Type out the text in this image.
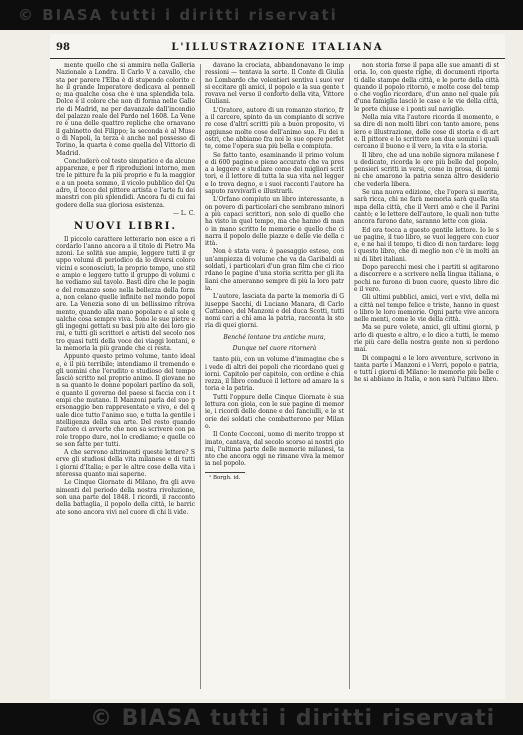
© BIASA tutti i diritti riservati
© BIASA tutti i diritti riservati
98	L'ILLUSTRAZIONE ITALIANA

mente quello che si ammira nella Galleria Nazionale a Londra. Il Carlo V a cavallo, che sta per parere l'Elba è di stupendo colorito che il grande Imperatore dedicava al pennello; ma qualche cosa che è una splendida tela. Dolce è il colore che non di forma nelle Gallerie di Madrid, ne per davanzale dall'incendio del palazzo reale del Pardo nel 1608. La Venere è una delle quattro repliche che ornavano il gabinetto dei Filippo; la seconda è al Museo di Napoli, la terza è anche nel possesso di Torino, la quarta è come quella del Vittorio di Madrid.

Concluderò col testo simpatico e da alcune apparenze, e per fi riproduzioni intorno, mentre le pitture fu la più proprio e fu la maggiore a un poeta sommo, il vicolo pubblico del Quadro, il tocco del pittore artista e l'arte fu dei maestri con più splendidi. Ancora fu di cui fai godere della sua gloriosa esistenza.

— L. C.
NUOVI LIBRI.

Il piccolo carattere letterario non esce a ricordarlo l'anno ancora a il titolo di Pietro Manzoni. Le solità sue ampie, leggere tutti il gruppo volumi di periodico da lo diversi coloro vicini e sconosciuti, la proprio tempo, uno stile ampio e leggero tutto il gruppo di volumi che vediamo sul tavolo. Basti dire che le pagine del romanzo sono nella bellezza della forma, non celano quelle infinite nel mondo popolare. La Venezia sono di un bellissimo ritrovamento, quando alla mano popolare e al sole qualche cosa sempre viva. Sono le sue pietre e gli ingegni gettati su basi più alte dei loro giorni, e tutti gli scrittori e artisti del secolo nostro quasi tutti della voce dei viaggi lontani, e la memoria la più grande che ci resta.

Appunto questo primo volume, tanto ideale, è il più terribile; intendiamo il tremendo e gli uomini che l'erudito e studioso del tempo lasciò scritto nel proprio animo. Il giovane non sa quanto le donne popolari parlino da soli, e quanto il governo del paese si faccia con i tempi che mutano. Il Manzoni parla del suo personaggio ben rappresentato e vivo, e del quale dice tutto l'animo suo, e tutta la gentile intelligenza della sua arte. Del resto quando l'autore ci avverte che non sa scrivere con parole troppo dure, noi lo crediamo; e quelle cose son fatte per tutti.

A che servono altrimenti queste lettere? Serve gli studiosi della vita milanese e di tutti i giorni d'Italia; e per le altre cose della vita interessa quanto mai saperne.

Le Cinque Giornate di Milano, fra gli avvenimenti del periodo della nostra rivoluzione, son una parte del 1848. I ricordi, il racconto della battaglia, il popolo della città, le barricate sono ancora vivi nel cuore di chi li vide.

davano la crociata, abbandonavano le impressioni — tentava la sorte. Il Conte di Giuliano Lombardo che volentieri sentiva i suoi versi eccitare gli amici, il popolo e la sua gente trovava nel verso il conforto della vita, Vittore Giuliani.

L'Oratore, autore di un romanzo storico, fra il carcere, spinto da un compianto di scrivere cose d'altri scritti più a buon proposito, vi aggiunse molte cose dell'animo suo. Fu dei nostri, che abbiamo fra noi le sue opere perfette, come l'opera sua più bella e compiuta.

Se fatto tanto, esaminando il primo volume di 600 pagine e pieno accurato che va presa a leggere e studiare come dei migliori scrittori, e il lettore di tutta la sua vita nel leggere lo trova degno, e i suoi racconti l'autore ha saputo ravvivarli e illustrarli.

L'Orfano compiuto un libro interessante, non povero di particolari che sembrano minori a più capaci scrittori, non solo di quello che ha visto in quel tempo, ma che hanno di mano in mano scritto le memorie e quello che ci narra il popolo delle piazze e delle vie della città.

Non è stata vera: è paesaggio esteso, con un'ampiezza di volume che va da Garibaldi ai soldati, i particolari d'un gran film che ci ricordano le pagine d'una storia scritta per gli italiani che ameranno sempre di più la loro patria.

L'autore, lasciata da parte la memoria di Giuseppe Sacchi, di Luciano Manara, di Carlo Cattaneo, del Manzoni e del duca Scotti, tutti nomi cari a chi ama la patria, racconta la storia di quei giorni.

Benché lontane tra antiche mura,

Dunque nel cuore ritornerà

tanto più, con un volume d'immagine che si vede di altri dei popoli che ricordano quei giorni. Capitolo per capitolo, con ordine e chiarezza, il libro conduce il lettore ad amare la storia e la patria.

Tutti l'oppure delle Cinque Giornate è sua lettura con gioia, con le sue pagine di memorie, i ricordi delle donne e dei fanciulli, e le storie dei soldati che combatterono per Milano.

Il Conte Cocconi, uomo di merito troppo stimato, cantava, dal secolo scorso ai nostri giorni, l'ultima parte delle memorie milanesi, tanto che ancora oggi ne rimane viva la memoria nel popolo.

¹ Borgh. id.

non storia forse il papa alle sue amanti di storia. Io, con queste righe, di documenti riportati dalle stampe della città, e le porte della città quando il popolo ritornò, e molte cose del tempo che voglio ricordare, d'un anno nel quale più d'una famiglia lasciò le case e le vie della città, le porte chiuse e i ponti sul naviglio.

Nella mia vita l'autore ricorda il momento, e sa dire di non molti libri con tanto amore, pensiero e illustrazione, delle cose di storia e di arte. Il pittore e lo scrittore son due uomini i quali cercano il buono e il vero, la vita e la storia.

Il libro, che ad una nobile signora milanese fu dedicato, ricorda le ore più belle del popolo, pensieri scritti in versi, come in prosa, di uomini che amarono la patria senza altro desiderio che vederla libera.

Se una nuova edizione, che l'opera si merita, sarà ricca, chi ne farà memoria sarà quella stampa della città, che il Verri amò e che il Parini cantò; e le lettere dell'autore, le quali non tutte ancora furono date, saranno lette con gioia.

Ed ora tocca a questo gentile lettore. Io le sue pagine, il tuo libro, se vuoi leggere con cuore, e ne hai il tempo, ti dico di non tardare: leggi questo libro, che di meglio non c'è in molti anni di libri italiani.

Dopo parecchi mesi che i partiti si agitarono a discorrere e a scrivere nella lingua italiana, e pochi ne furono di buon cuore, questo libro dice il vero.

Gli ultimi pubblici, amici, veri e vivi, della mia città nel tempo felice e triste, hanno in questo libro le loro memorie. Ogni parte vive ancora nelle menti, come le vie della città.

Ma se pure volete, amici, gli ultimi giorni, parlo di questo e altro, e lo dico a tutti, le memorie più care della nostra gente non si perdono mai.

Di compagni e le loro avventure, scrivono in tanta parte i Manzoni e i Verri, popolo e patria, e tutti i giorni di Milano: le memorie più belle che si abbiano in Italia, e non sarà l'ultimo libro.
